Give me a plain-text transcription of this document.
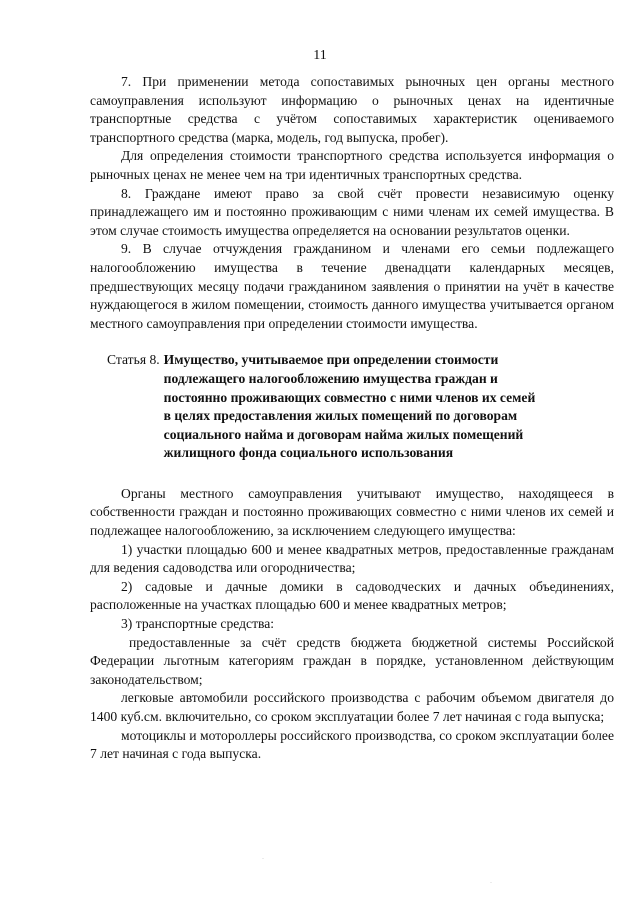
11

7. При применении метода сопоставимых рыночных цен органы местного самоуправления используют информацию о рыночных ценах на идентичные транспортные средства с учётом сопоставимых характеристик оцениваемого транспортного средства (марка, модель, год выпуска, пробег).

Для определения стоимости транспортного средства используется информация о рыночных ценах не менее чем на три идентичных транспортных средства.

8. Граждане имеют право за свой счёт провести независимую оценку принадлежащего им и постоянно проживающим с ними членам их семей имущества. В этом случае стоимость имущества определяется на основании результатов оценки.

9. В случае отчуждения гражданином и членами его семьи подлежащего налогообложению имущества в течение двенадцати календарных месяцев, предшествующих месяцу подачи гражданином заявления о принятии на учёт в качестве нуждающегося в жилом помещении, стоимость данного имущества учитывается органом местного самоуправления при определении стоимости имущества.

Статья 8. Имущество, учитываемое при определении стоимости
подлежащего налогообложению имущества граждан и
постоянно проживающих совместно с ними членов их семей
в целях предоставления жилых помещений по договорам
социального найма и договорам найма жилых помещений
жилищного фонда социального использования

Органы местного самоуправления учитывают имущество, находящееся в собственности граждан и постоянно проживающих совместно с ними членов их семей и подлежащее налогообложению, за исключением следующего имущества:

1) участки площадью 600 и менее квадратных метров, предоставленные гражданам для ведения садоводства или огородничества;

2) садовые и дачные домики в садоводческих и дачных объединениях, расположенные на участках площадью 600 и менее квадратных метров;

3) транспортные средства:

предоставленные за счёт средств бюджета бюджетной системы Российской Федерации льготным категориям граждан в порядке, установленном действующим законодательством;

легковые автомобили российского производства с рабочим объемом двигателя до 1400 куб.см. включительно, со сроком эксплуатации более 7 лет начиная с года выпуска;

мотоциклы и мотороллеры российского производства, со сроком эксплуатации более 7 лет начиная с года выпуска.

.
.
